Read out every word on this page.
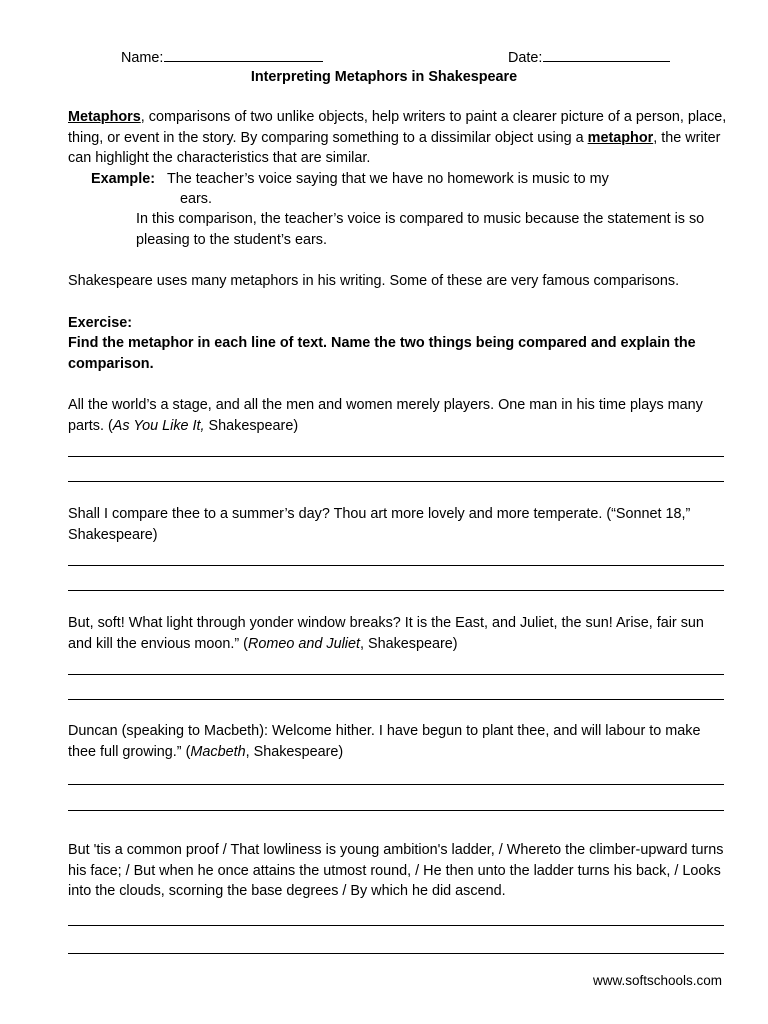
Name:	Date:
Interpreting Metaphors in Shakespeare

Metaphors, comparisons of two unlike objects, help writers to paint a clearer picture of a person, place, thing, or event in the story. By comparing something to a dissimilar object using a metaphor, the writer can highlight the characteristics that are similar.

Example: The teacher’s voice saying that we have no homework is music to my
ears.

In this comparison, the teacher’s voice is compared to music because the statement is so pleasing to the student’s ears.

Shakespeare uses many metaphors in his writing. Some of these are very famous comparisons.

Exercise:

Find the metaphor in each line of text. Name the two things being compared and explain the comparison.

All the world’s a stage, and all the men and women merely players. One man in his time plays many parts. (As You Like It, Shakespeare)

Shall I compare thee to a summer’s day? Thou art more lovely and more temperate. (“Sonnet 18,” Shakespeare)

But, soft! What light through yonder window breaks? It is the East, and Juliet, the sun! Arise, fair sun and kill the envious moon.” (Romeo and Juliet, Shakespeare)

Duncan (speaking to Macbeth): Welcome hither. I have begun to plant thee, and will labour to make thee full growing.” (Macbeth, Shakespeare)

But 'tis a common proof / That lowliness is young ambition's ladder, / Whereto the climber-upward turns his face; / But when he once attains the utmost round, / He then unto the ladder turns his back, / Looks into the clouds, scorning the base degrees / By which he did ascend.

www.softschools.com
